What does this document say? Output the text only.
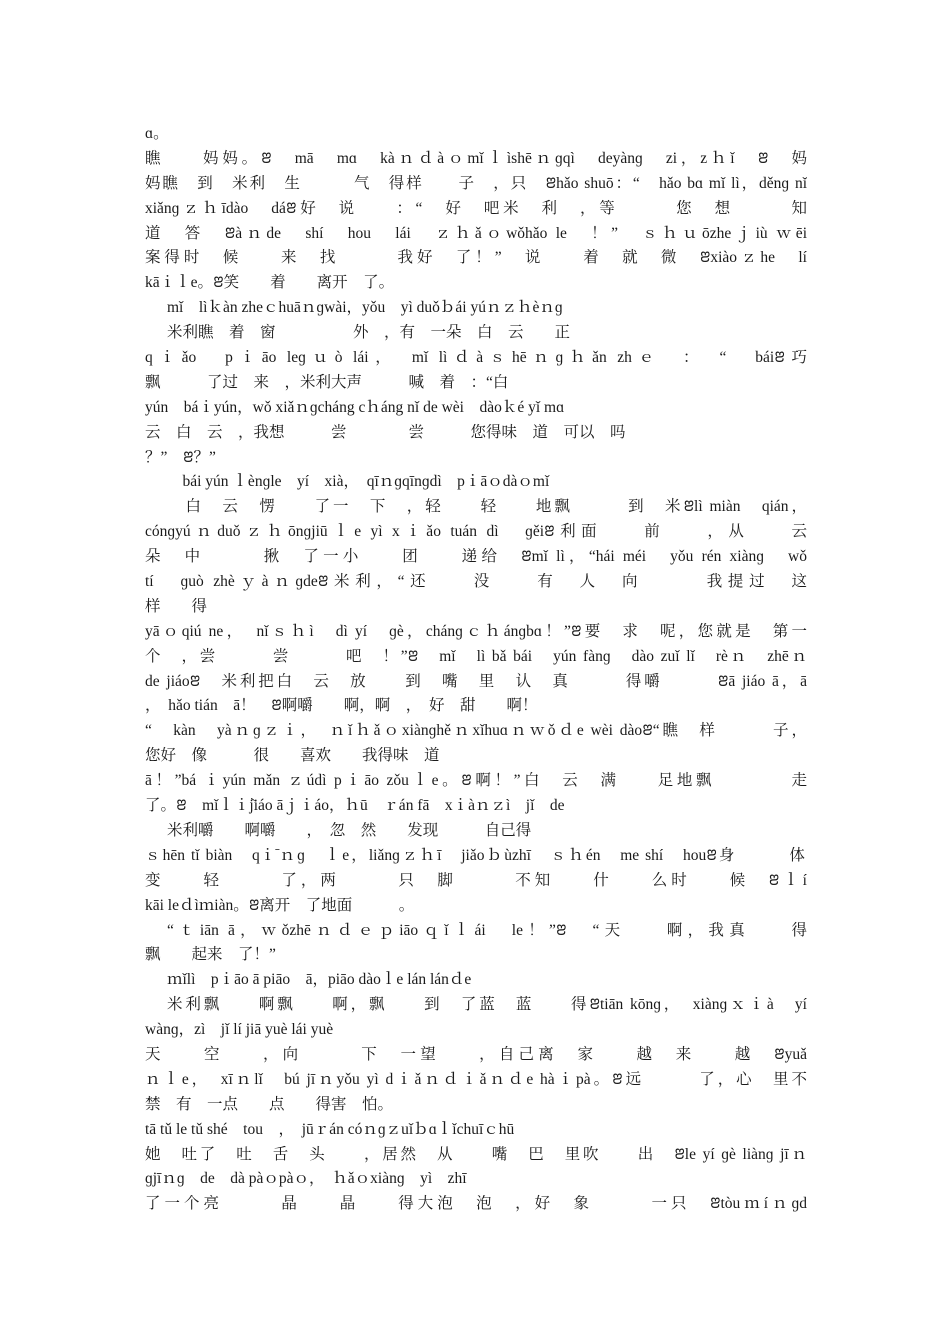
ɑ。
瞧　　妈妈。ꢂ　mā　mɑ　kàｎｄàｏmǐｌìshēｎɡqì　deyànɡ　zi，zｈǐ　ꢂ　妈
妈瞧　到　米利　生　　　气　得样　　子　，只　ꢂhǎo shuō：“　hǎo bɑ mǐ lì，děnɡ nǐ
xiǎnɡｚｈīdào　dáꢂ好　说　　：“　好　吧米　利　，等　　　您　想　　　知
道　答　ꢂàｎde　shí　hou　lái　ｚｈǎｏwǒhǎo le　！”　ｓｈｕōzheｊiù ｗēi
案得时　候　　来　找　　　我好　了！”　说　　着　就　微　ꢂxiàoｚhe　lí
kāｉｌe。ꢂ笑　　着　　离开　了。
mǐ　lìｋàn zheｃhuāｎɡwài，yǒu　yì duǒｂái yúｎｚｈèｎɡ
米利瞧　着　窗　　　　　外　，有　一朵　白　云　　正
qｉǎo　pｉāo leɡｕò lái，　mǐ lìｄàｓhēｎɡｈǎn zhｅ　：　“　báiꢂ巧
飘　　　了过　来　，米利大声　　　喊　着　：“白
yún　báｉyún，wǒ xiǎｎɡcháng cｈáng nǐ de wèi　dàoｋé yǐ mɑ
云　白　云　，我想　　　尝　　　　尝　　　您得味　道　可以　吗
？”　ꢂ？”
　bái yún ｌènɡle　yí　xià，　qīｎɡqīnɡdì　pｉāｏdàｏmǐ
　白　云　愣　　了一　下　，轻　　轻　　地飘　　　到　米ꢂlì miàn　qián，
cónɡyúｎduǒｚｈōnɡjiūｌe yì xｉǎo tuán dì　ɡěiꢂ利面　　前　　，从　　云
朵　中　　　揪　了一小　　团　　递给　ꢂmǐ lì，“hái méi　yǒu rén xiànɡ　wǒ
tí　ɡuò zhèｙàｎɡdeꢂ米利，“还　　没　　有　人　向　　　我提过　这
样　　得
yāｏqiú ne，　nǐｓｈì　dì yí　ɡè，chánɡｃｈánɡbɑ！”ꢂ要　求　呢，您就是　第一
个　，尝　　　尝　　　吧　！”ꢂ　mǐ　lì bǎ bái　yún fànɡ　dào zuǐ lǐ　rèｎ　zhēｎ
de jiáoꢂ　米利把白　云　放　　到　嘴　里　认　真　　　得嚼　　　ꢂā jiáo ā，ā
，　hǎo tián　ā！　ꢂ啊嚼　　啊，啊　，　好　甜　　啊！
“　kàn　yàｎɡｚｉ，　ｎǐｈǎｏxiànɡhěｎxǐhuɑｎｗǒｄe wèi dàoꢂ“瞧　样　　　子，
您好　像　　　很　　喜欢　　我得味　道
ā！”bá ｉyún mǎn ｚúdì pｉāo zǒuｌe。ꢂ啊！”白　云　满　　足地飘　　　　走
了。ꢂ　mǐｌｉ̀jiáo āｊｉáo，ｈū　ｒán fā　xｉàｎｚì　jǐ　de
米利嚼　　啊嚼　　，　忽　然　　发现　　　自己得
ｓhēn tǐ biàn　qｉ̄ｎɡ　ｌe，liǎnɡｚｈī　jiǎoｂùzhī　ｓｈén　me shí　houꢂ身　　　体
变　　轻　　　了，两　　　只　脚　　　不知　　什　　么时　　候　ꢂｌí
kāi leｄìｍiàn。ꢂ离开　了地面　　　。
“ｔiān ā，ｗǒzhēｎｄｅｐiāoｑǐｌái　le！”ꢂ　“天　　啊，我真　　得
飘　　起来　了！”
ｍǐlì　pｉāo ā piāo　ā，piāo dàoｌe lán lánｄe
米利飘　　啊飘　　啊，飘　　到　了蓝　蓝　　得ꢂtiān kōnɡ，　xiànɡｘｉà　yí
wànɡ，zì　jǐ lí jiā yuè lái yuè
天　　空　　，向　　　下　一望　　，自己离　家　　越　来　　越　ꢂyuǎ
ｎｌe，　xīｎlǐ　bú jīｎyǒu yì dｉǎｎｄｉǎｎｄe hàｉpà。ꢂ远　　　了，心　里不
禁　有　一点　　点　　得害　怕。
tā tǔ le tǔ shé　tou　，　jūｒán cóｎɡｚuǐｂɑｌǐchuīｃhū
她　吐了　吐　舌　头　　，居然　从　　嘴　巴　里吹　　出　ꢂle yí ɡè liànɡ jīｎ
ɡjīｎɡ　de　dà pàｏpàｏ，　ｈǎｏxiànɡ　yì　zhī
了一个亮　　　晶　　晶　　得大泡　泡　，好　象　　　一只　ꢂtòuｍíｎɡd
